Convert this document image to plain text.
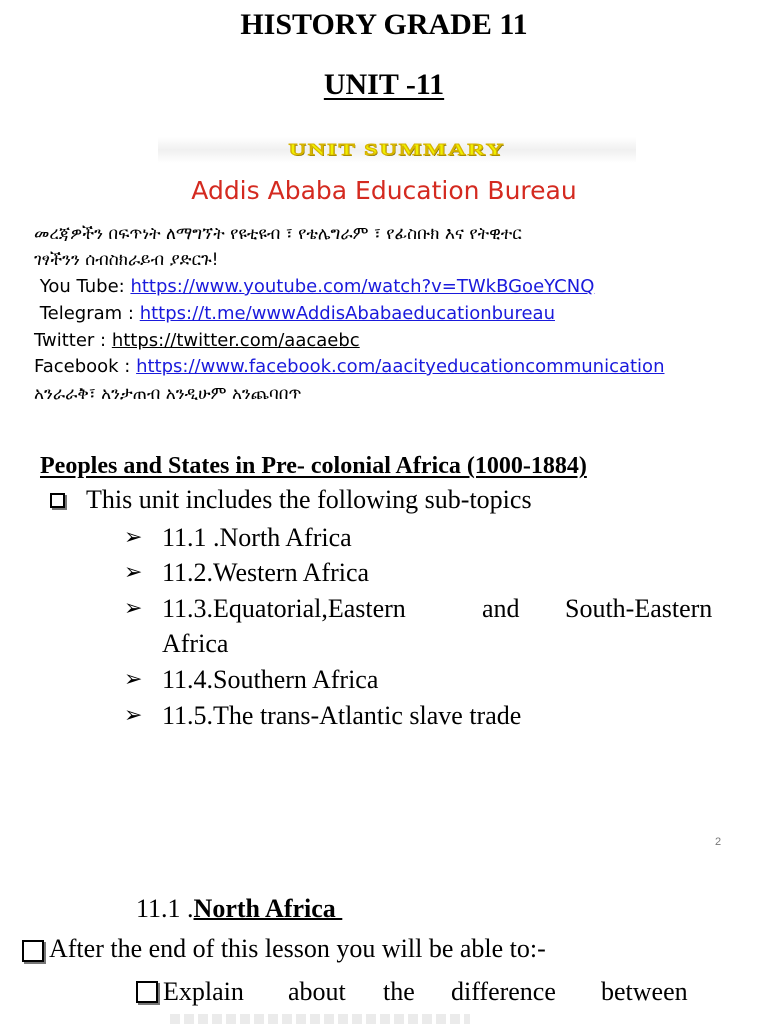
HISTORY GRADE 11
UNIT -11
UNIT SUMMARY
Addis Ababa Education Bureau
መረጃዎችን በፍጥነት ለማግኘት የዩቲዩብ ፣ የቴሌግራም ፣ የፊስቡክ እና የትዊተር
ገፃችንን ሰብስክራይብ ያድርጉ!
You Tube: https://www.youtube.com/watch?v=TWkBGoeYCNQ
Telegram : https://t.me/wwwAddisAbabaeducationbureau
Twitter : https://twitter.com/aacaebc
Facebook : https://www.facebook.com/aacityeducationcommunication
አንራራቅ፣ አንታጠብ አንዲሁም አንጨባበጥ
Peoples and States in Pre- colonial Africa (1000-1884)
This unit includes the following sub-topics
➢ 11.1 .North Africa
➢ 11.2.Western Africa
➢ 11.3.Equatorial,Eastern	and South-Eastern
Africa
➢ 11.4.Southern Africa
➢ 11.5.The trans-Atlantic slave trade
2
11.1 .North Africa
After the end of this lesson you will be able to:-
Explain about the difference between
